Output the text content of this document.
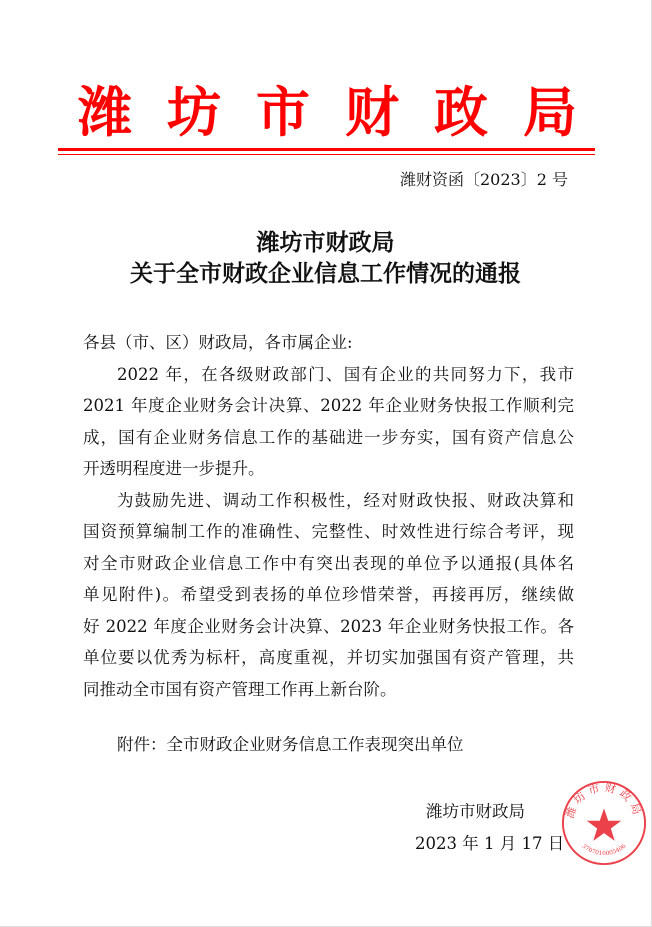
潍 坊 市 财 政 局
潍财资函〔2023〕2 号
潍坊市财政局
关于全市财政企业信息工作情况的通报
各县（市、区）财政局，各市属企业:
2022 年，在各级财政部门、国有企业的共同努力下，我市
2021 年度企业财务会计决算、2022 年企业财务快报工作顺利完
成，国有企业财务信息工作的基础进一步夯实，国有资产信息公
开透明程度进一步提升。
为鼓励先进、调动工作积极性，经对财政快报、财政决算和
国资预算编制工作的准确性、完整性、时效性进行综合考评，现
对全市财政企业信息工作中有突出表现的单位予以通报(具体名
单见附件)。希望受到表扬的单位珍惜荣誉，再接再厉，继续做
好 2022 年度企业财务会计决算、2023 年企业财务快报工作。各
单位要以优秀为标杆，高度重视，并切实加强国有资产管理，共
同推动全市国有资产管理工作再上新台阶。
附件：全市财政企业财务信息工作表现突出单位
潍坊市财政局
2023 年 1 月 17 日
潍坊市财政局
3707010005406
